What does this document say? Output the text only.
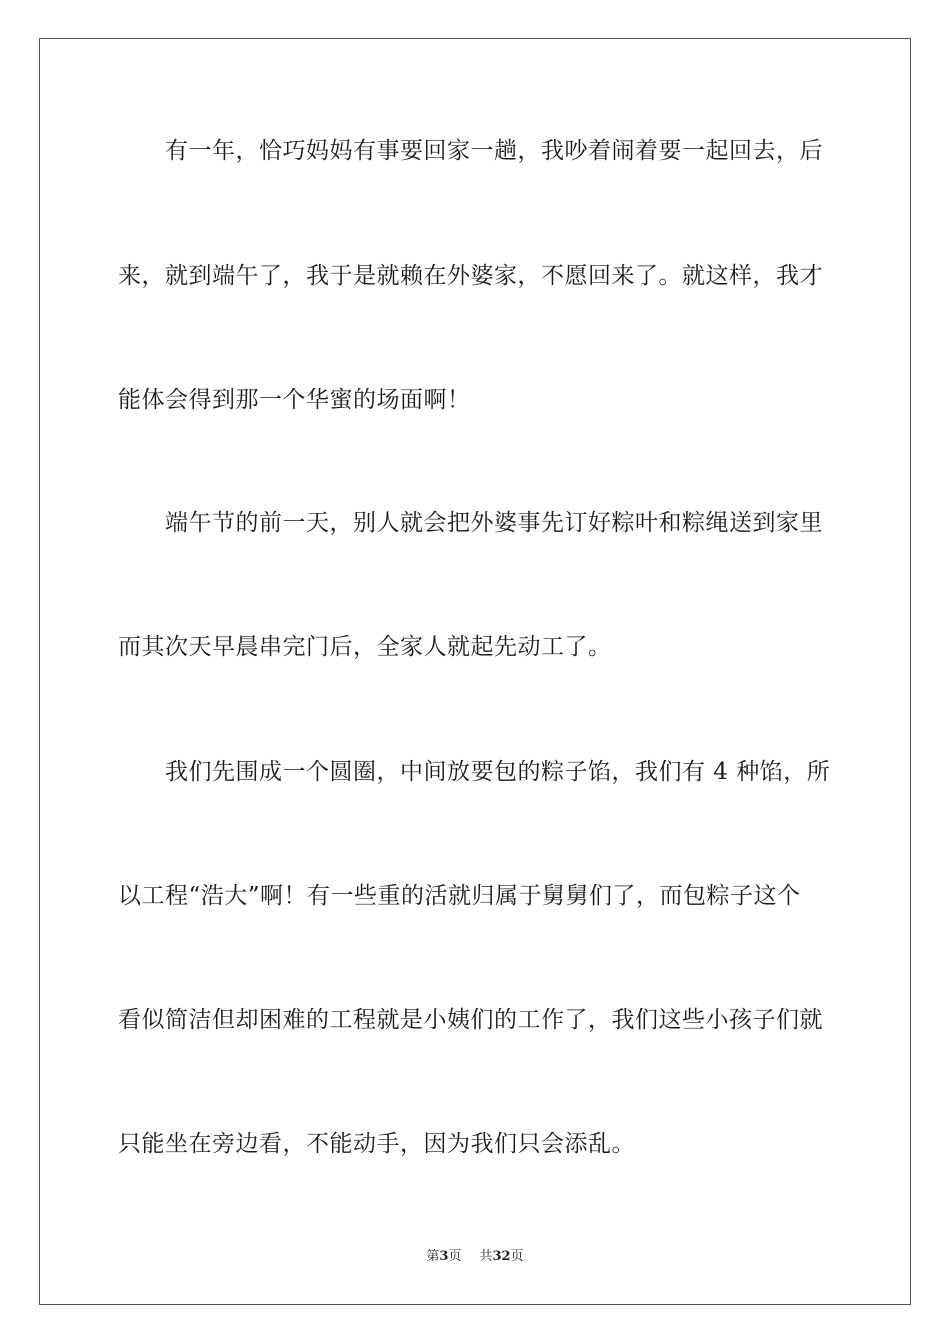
有一年，恰巧妈妈有事要回家一趟，我吵着闹着要一起回去，后
来，就到端午了，我于是就赖在外婆家，不愿回来了。就这样，我才
能体会得到那一个华蜜的场面啊！
端午节的前一天，别人就会把外婆事先订好粽叶和粽绳送到家里
而其次天早晨串完门后，全家人就起先动工了。
我们先围成一个圆圈，中间放要包的粽子馅，我们有 4 种馅，所
以工程“浩大”啊！有一些重的活就归属于舅舅们了，而包粽子这个
看似简洁但却困难的工程就是小姨们的工作了，我们这些小孩子们就
只能坐在旁边看，不能动手，因为我们只会添乱。
第3页 共32页
